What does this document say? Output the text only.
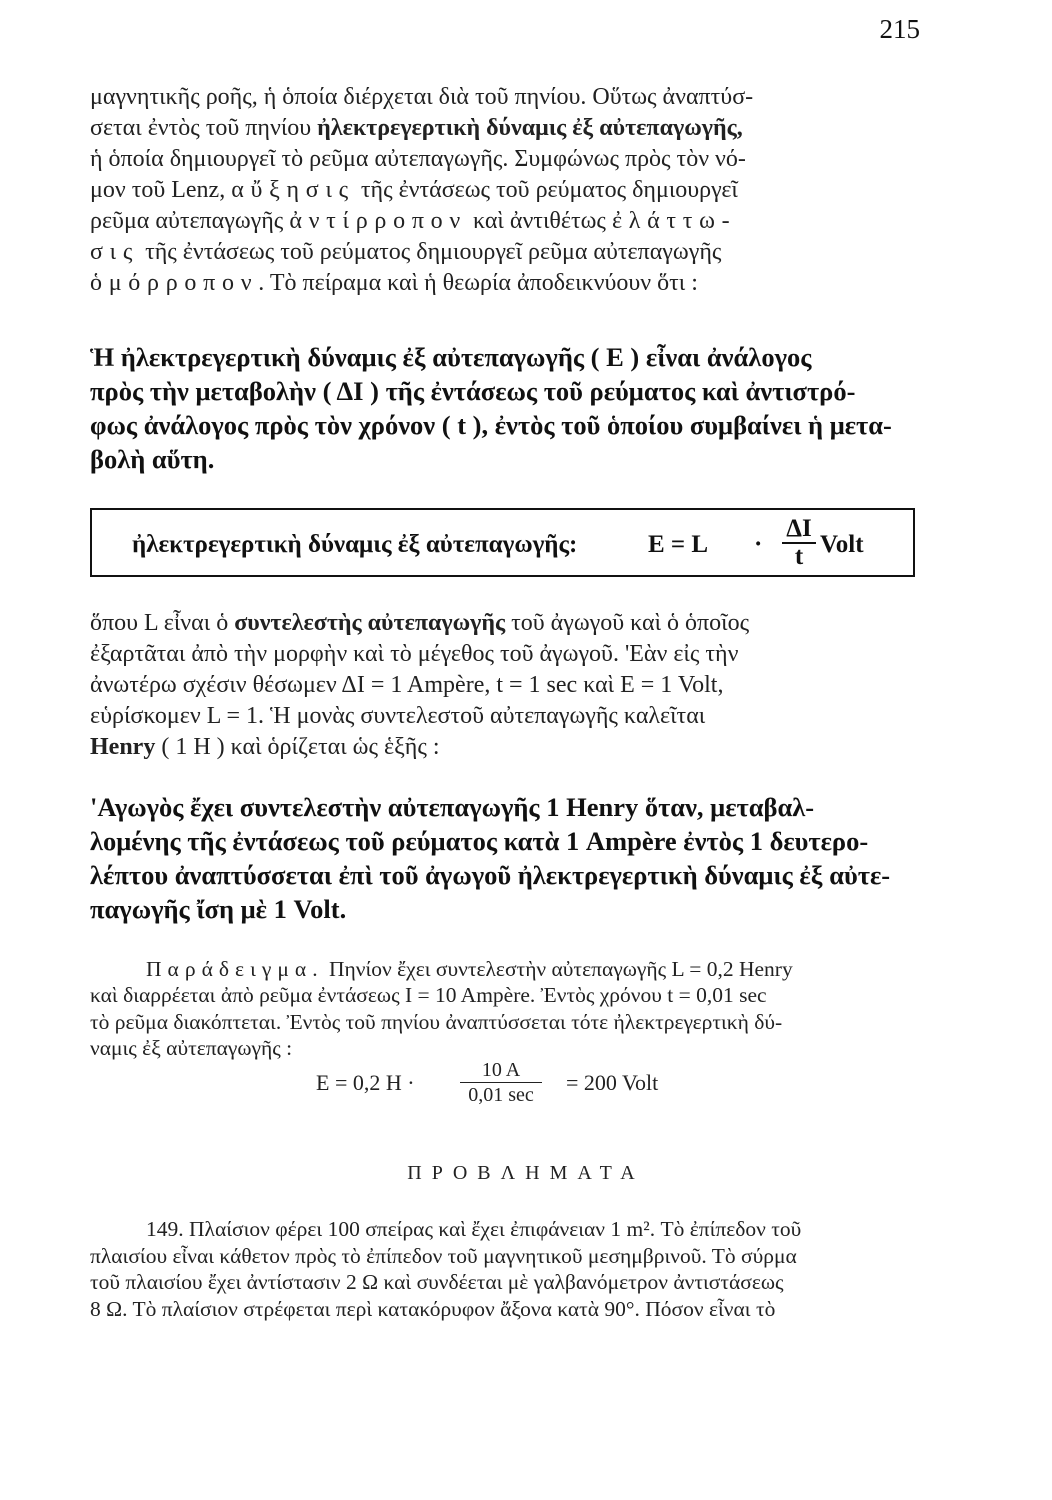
215
μαγνητικῆς ροῆς, ἡ ὁποία διέρχεται διὰ τοῦ πηνίου. Οὕτως ἀναπτύσ-
σεται ἐντὸς τοῦ πηνίου ἠλεκτρεγερτικὴ δύναμις ἐξ αὐτεπαγωγῆς,
ἡ ὁποία δημιουργεῖ τὸ ρεῦμα αὐτεπαγωγῆς. Συμφώνως πρὸς τὸν νό-
μον τοῦ Lenz, αὔξησις τῆς ἐντάσεως τοῦ ρεύματος δημιουργεῖ
ρεῦμα αὐτεπαγωγῆς ἀντίρροπον καὶ ἀντιθέτως ἐλάττω-
σις τῆς ἐντάσεως τοῦ ρεύματος δημιουργεῖ ρεῦμα αὐτεπαγωγῆς
ὁμόρροπον. Τὸ πείραμα καὶ ἡ θεωρία ἀποδεικνύουν ὅτι :
Ἡ ἠλεκτρεγερτικὴ δύναμις ἐξ αὐτεπαγωγῆς ( E ) εἶναι ἀνάλογος
πρὸς τὴν μεταβολὴν ( ΔI ) τῆς ἐντάσεως τοῦ ρεύματος καὶ ἀντιστρό-
φως ἀνάλογος πρὸς τὸν χρόνον ( t ), ἐντὸς τοῦ ὁποίου συμβαίνει ἡ μετα-
βολὴ αὕτη.
ἠλεκτρεγερτικὴ δύναμις ἐξ αὐτεπαγωγῆς:	$E = L \cdot \frac{\Delta I}{t}$ Volt
ὅπου L εἶναι ὁ συντελεστὴς αὐτεπαγωγῆς τοῦ ἀγωγοῦ καὶ ὁ ὁποῖος
ἐξαρτᾶται ἀπὸ τὴν μορφὴν καὶ τὸ μέγεθος τοῦ ἀγωγοῦ. 'Εὰν εἰς τὴν
ἀνωτέρω σχέσιν θέσωμεν ΔI = 1 Ampère, t = 1 sec καὶ E = 1 Volt,
εὑρίσκομεν L = 1. Ἡ μονὰς συντελεστοῦ αὐτεπαγωγῆς καλεῖται
Henry ( 1 H ) καὶ ὁρίζεται ὡς ἑξῆς :
'Αγωγὸς ἔχει συντελεστὴν αὐτεπαγωγῆς 1 Henry ὅταν, μεταβαλ-
λομένης τῆς ἐντάσεως τοῦ ρεύματος κατὰ 1 Ampère ἐντὸς 1 δευτερο-
λέπτου ἀναπτύσσεται ἐπὶ τοῦ ἀγωγοῦ ἠλεκτρεγερτικὴ δύναμις ἐξ αὐτε-
παγωγῆς ἴση μὲ 1 Volt.
Παράδειγμα. Πηνίον ἔχει συντελεστὴν αὐτεπαγωγῆς L = 0,2 Henry
καὶ διαρρέεται ἀπὸ ρεῦμα ἐντάσεως I = 10 Ampère. Ἐντὸς χρόνου t = 0,01 sec
τὸ ρεῦμα διακόπτεται. Ἐντὸς τοῦ πηνίου ἀναπτύσσεται τότε ἠλεκτρεγερτικὴ δύ-
ναμις ἐξ αὐτεπαγωγῆς :
E = 0,2 H ·	10 A
0,01 sec	= 200 Volt
ΠΡΟΒΛΗΜΑΤΑ
149. Πλαίσιον φέρει 100 σπείρας καὶ ἔχει ἐπιφάνειαν 1 m². Τὸ ἐπίπεδον τοῦ
πλαισίου εἶναι κάθετον πρὸς τὸ ἐπίπεδον τοῦ μαγνητικοῦ μεσημβρινοῦ. Τὸ σύρμα
τοῦ πλαισίου ἔχει ἀντίστασιν 2 Ω καὶ συνδέεται μὲ γαλβανόμετρον ἀντιστάσεως
8 Ω. Τὸ πλαίσιον στρέφεται περὶ κατακόρυφον ἄξονα κατὰ 90°. Πόσον εἶναι τὸ
